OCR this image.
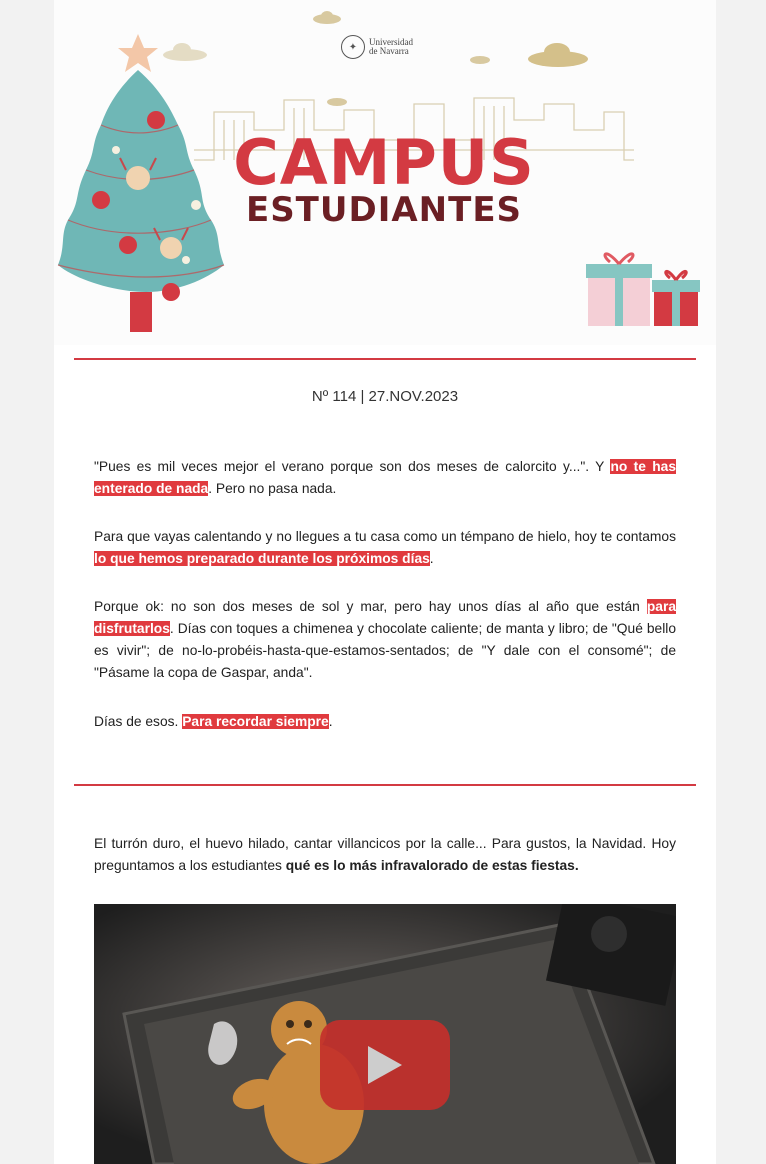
✦	Universidad
de Navarra
CAMPUS
ESTUDIANTES
Nº 114 | 27.NOV.2023

"Pues es mil veces mejor el verano porque son dos meses de calorcito y...". Y no te has enterado de nada. Pero no pasa nada.

Para que vayas calentando y no llegues a tu casa como un témpano de hielo, hoy te contamos lo que hemos preparado durante los próximos días.

Porque ok: no son dos meses de sol y mar, pero hay unos días al año que están para disfrutarlos. Días con toques a chimenea y chocolate caliente; de manta y libro; de "Qué bello es vivir"; de no-lo-probéis-hasta-que-estamos-sentados; de "Y dale con el consomé"; de "Pásame la copa de Gaspar, anda".

Días de esos. Para recordar siempre.

El turrón duro, el huevo hilado, cantar villancicos por la calle... Para gustos, la Navidad. Hoy preguntamos a los estudiantes qué es lo más infravalorado de estas fiestas.
